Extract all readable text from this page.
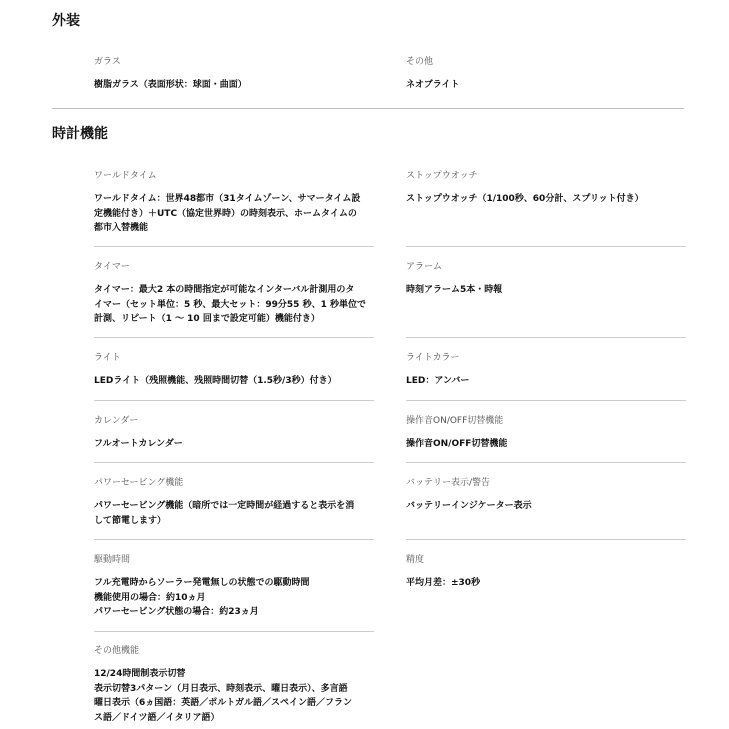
外装
ガラス
樹脂ガラス（表面形状：球面・曲面）
その他
ネオブライト
時計機能
ワールドタイム
ワールドタイム：世界48都市（31タイムゾーン、サマータイム設
定機能付き）＋UTC（協定世界時）の時刻表示、ホームタイムの
都市入替機能
ストップウオッチ
ストップウオッチ（1/100秒、60分計、スプリット付き）
タイマー
タイマー：最大2 本の時間指定が可能なインターバル計測用のタ
イマー（セット単位：5 秒、最大セット：99分55 秒、1 秒単位で
計測、リピート（1 〜 10 回まで設定可能）機能付き）
アラーム
時刻アラーム5本・時報
ライト
LEDライト（残照機能、残照時間切替（1.5秒/3秒）付き）
ライトカラー
LED：アンバー
カレンダー
フルオートカレンダー
操作音ON/OFF切替機能
操作音ON/OFF切替機能
パワーセービング機能
パワーセービング機能（暗所では一定時間が経過すると表示を消
して節電します）
バッテリー表示/警告
バッテリーインジケーター表示
駆動時間
フル充電時からソーラー発電無しの状態での駆動時間
機能使用の場合：約10ヵ月
パワーセービング状態の場合：約23ヵ月
精度
平均月差：±30秒
その他機能
12/24時間制表示切替
表示切替3パターン（月日表示、時刻表示、曜日表示）、多言語
曜日表示（6ヵ国語：英語／ポルトガル語／スペイン語／フラン
ス語／ドイツ語／イタリア語）
